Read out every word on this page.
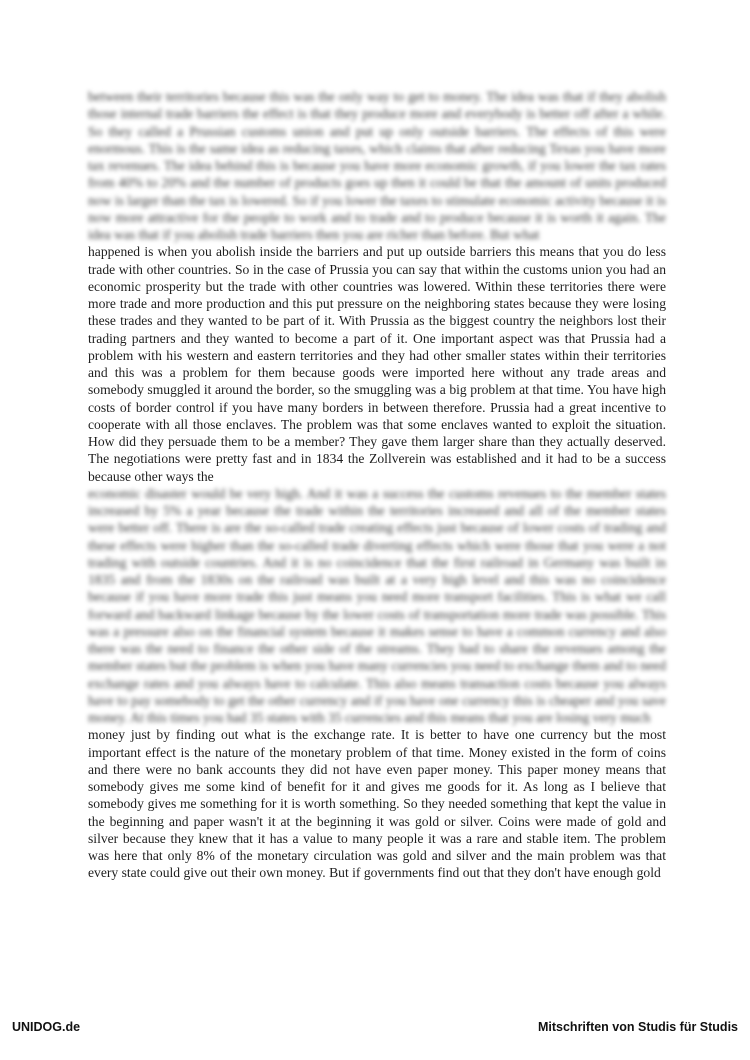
between their territories because this was the only way to get to money. The idea was that if they abolish those internal trade barriers the effect is that they produce more and everybody is better off after a while. So they called a Prussian customs union and put up only outside barriers. The effects of this were enormous. This is the same idea as reducing taxes, which claims that after reducing Texas you have more tax revenues. The idea behind this is because you have more economic growth, if you lower the tax rates from 40% to 20% and the number of products goes up then it could be that the amount of units produced now is larger than the tax is lowered. So if you lower the taxes to stimulate economic activity because it is now more attractive for the people to work and to trade and to produce because it is worth it again. The idea was that if you abolish trade barriers then you are richer than before. But what

happened is when you abolish inside the barriers and put up outside barriers this means that you do less trade with other countries. So in the case of Prussia you can say that within the customs union you had an economic prosperity but the trade with other countries was lowered. Within these territories there were more trade and more production and this put pressure on the neighboring states because they were losing these trades and they wanted to be part of it. With Prussia as the biggest country the neighbors lost their trading partners and they wanted to become a part of it. One important aspect was that Prussia had a problem with his western and eastern territories and they had other smaller states within their territories and this was a problem for them because goods were imported here without any trade areas and somebody smuggled it around the border, so the smuggling was a big problem at that time. You have high costs of border control if you have many borders in between therefore. Prussia had a great incentive to cooperate with all those enclaves. The problem was that some enclaves wanted to exploit the situation. How did they persuade them to be a member? They gave them larger share than they actually deserved. The negotiations were pretty fast and in 1834 the Zollverein was established and it had to be a success because other ways the

economic disaster would be very high. And it was a success the customs revenues to the member states increased by 5% a year because the trade within the territories increased and all of the member states were better off. There is are the so-called trade creating effects just because of lower costs of trading and these effects were higher than the so-called trade diverting effects which were those that you were a not trading with outside countries. And it is no coincidence that the first railroad in Germany was built in 1835 and from the 1830s on the railroad was built at a very high level and this was no coincidence because if you have more trade this just means you need more transport facilities. This is what we call forward and backward linkage because by the lower costs of transportation more trade was possible. This was a pressure also on the financial system because it makes sense to have a common currency and also there was the need to finance the other side of the streams. They had to share the revenues among the member states but the problem is when you have many currencies you need to exchange them and to need exchange rates and you always have to calculate. This also means transaction costs because you always have to pay somebody to get the other currency and if you have one currency this is cheaper and you save money. At this times you had 35 states with 35 currencies and this means that you are losing very much

money just by finding out what is the exchange rate. It is better to have one currency but the most important effect is the nature of the monetary problem of that time. Money existed in the form of coins and there were no bank accounts they did not have even paper money. This paper money means that somebody gives me some kind of benefit for it and gives me goods for it. As long as I believe that somebody gives me something for it is worth something. So they needed something that kept the value in the beginning and paper wasn't it at the beginning it was gold or silver. Coins were made of gold and silver because they knew that it has a value to many people it was a rare and stable item. The problem was here that only 8% of the monetary circulation was gold and silver and the main problem was that every state could give out their own money. But if governments find out that they don't have enough gold

UNIDOG.de	Mitschriften von Studis für Studis
